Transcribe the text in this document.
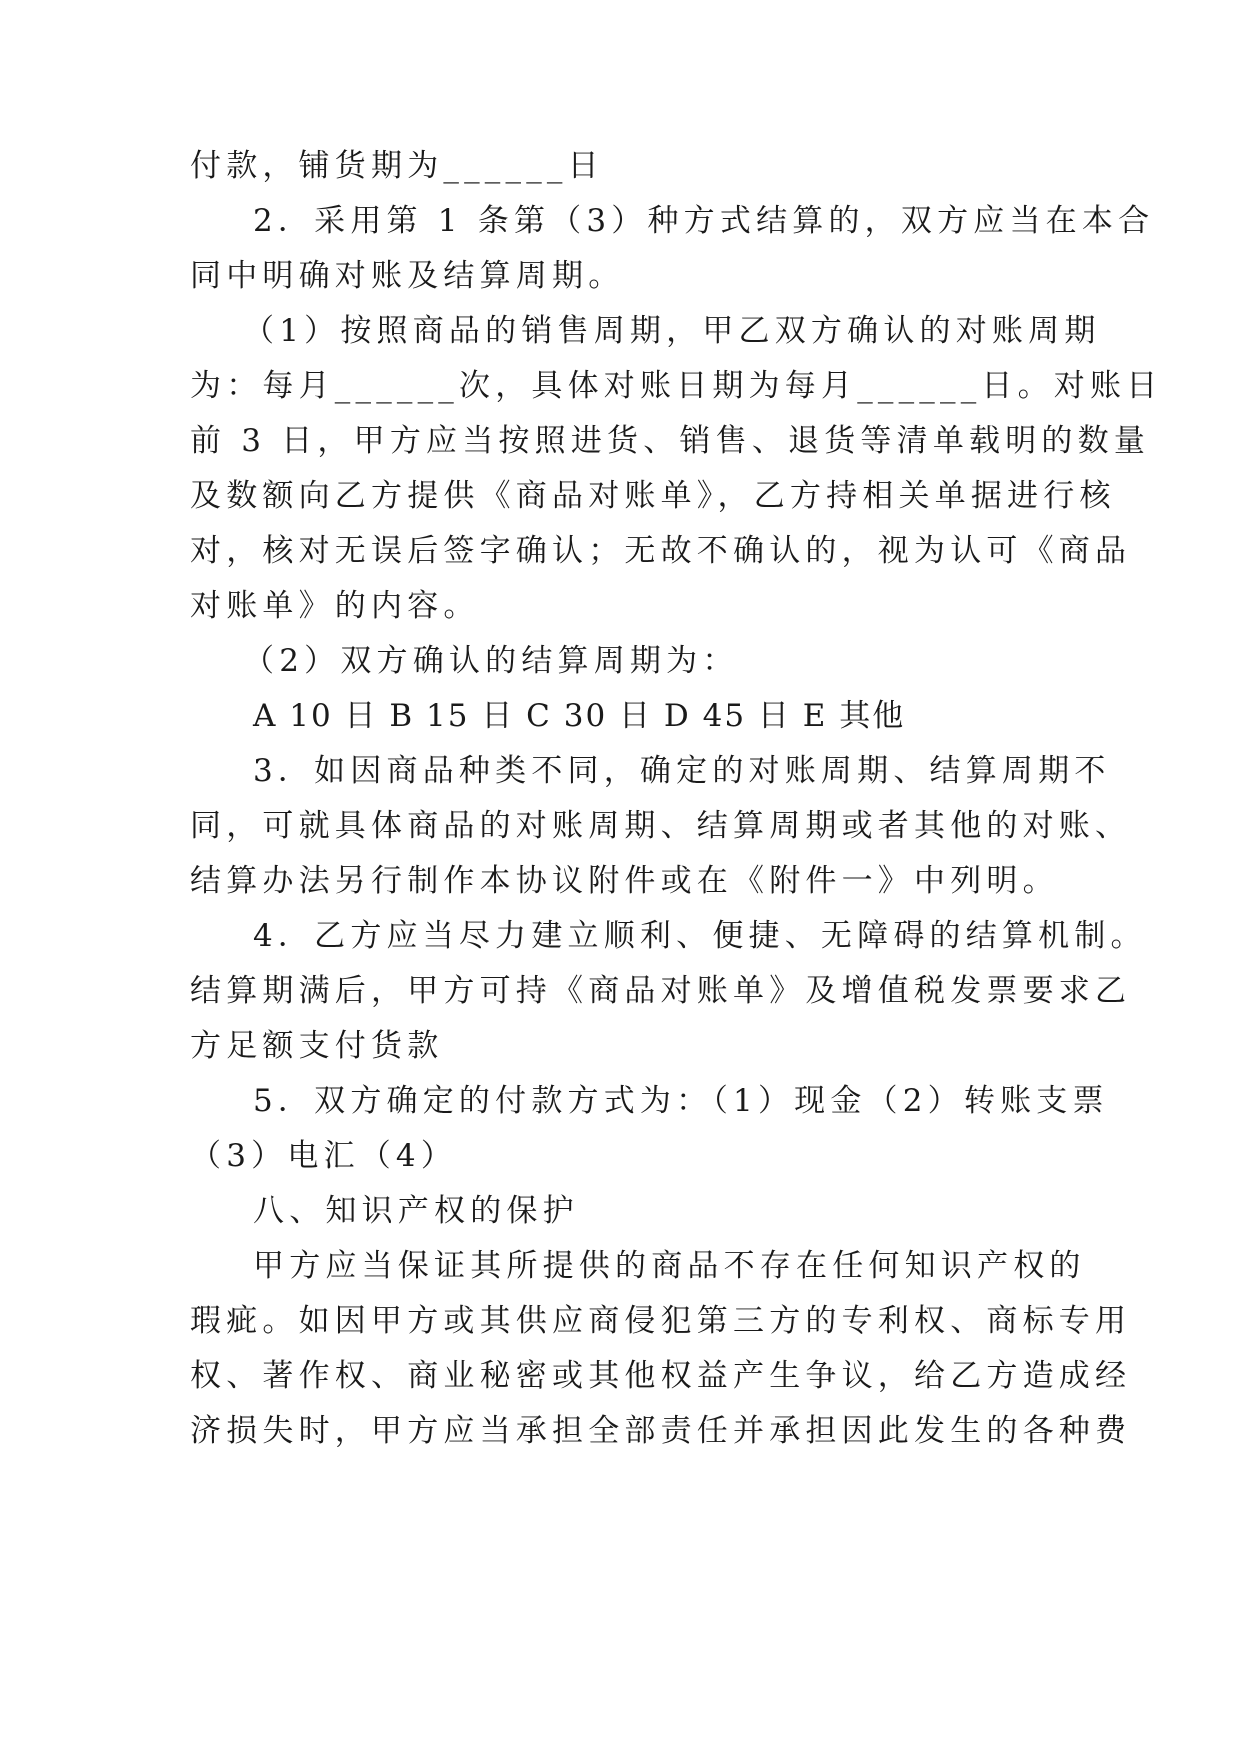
付款，铺货期为______日
2．采用第 1 条第（3）种方式结算的，双方应当在本合
同中明确对账及结算周期。
（1）按照商品的销售周期，甲乙双方确认的对账周期
为：每月______次，具体对账日期为每月______日。对账日
前 3 日，甲方应当按照进货、销售、退货等清单载明的数量
及数额向乙方提供《商品对账单》，乙方持相关单据进行核
对，核对无误后签字确认；无故不确认的，视为认可《商品
对账单》的内容。
（2）双方确认的结算周期为：
A 10 日 B 15 日 C 30 日 D 45 日 E 其他
3．如因商品种类不同，确定的对账周期、结算周期不
同，可就具体商品的对账周期、结算周期或者其他的对账、
结算办法另行制作本协议附件或在《附件一》中列明。
4．乙方应当尽力建立顺利、便捷、无障碍的结算机制。
结算期满后，甲方可持《商品对账单》及增值税发票要求乙
方足额支付货款
5．双方确定的付款方式为：（1）现金（2）转账支票
（3）电汇（4）
八、知识产权的保护
甲方应当保证其所提供的商品不存在任何知识产权的
瑕疵。如因甲方或其供应商侵犯第三方的专利权、商标专用
权、著作权、商业秘密或其他权益产生争议，给乙方造成经
济损失时，甲方应当承担全部责任并承担因此发生的各种费
